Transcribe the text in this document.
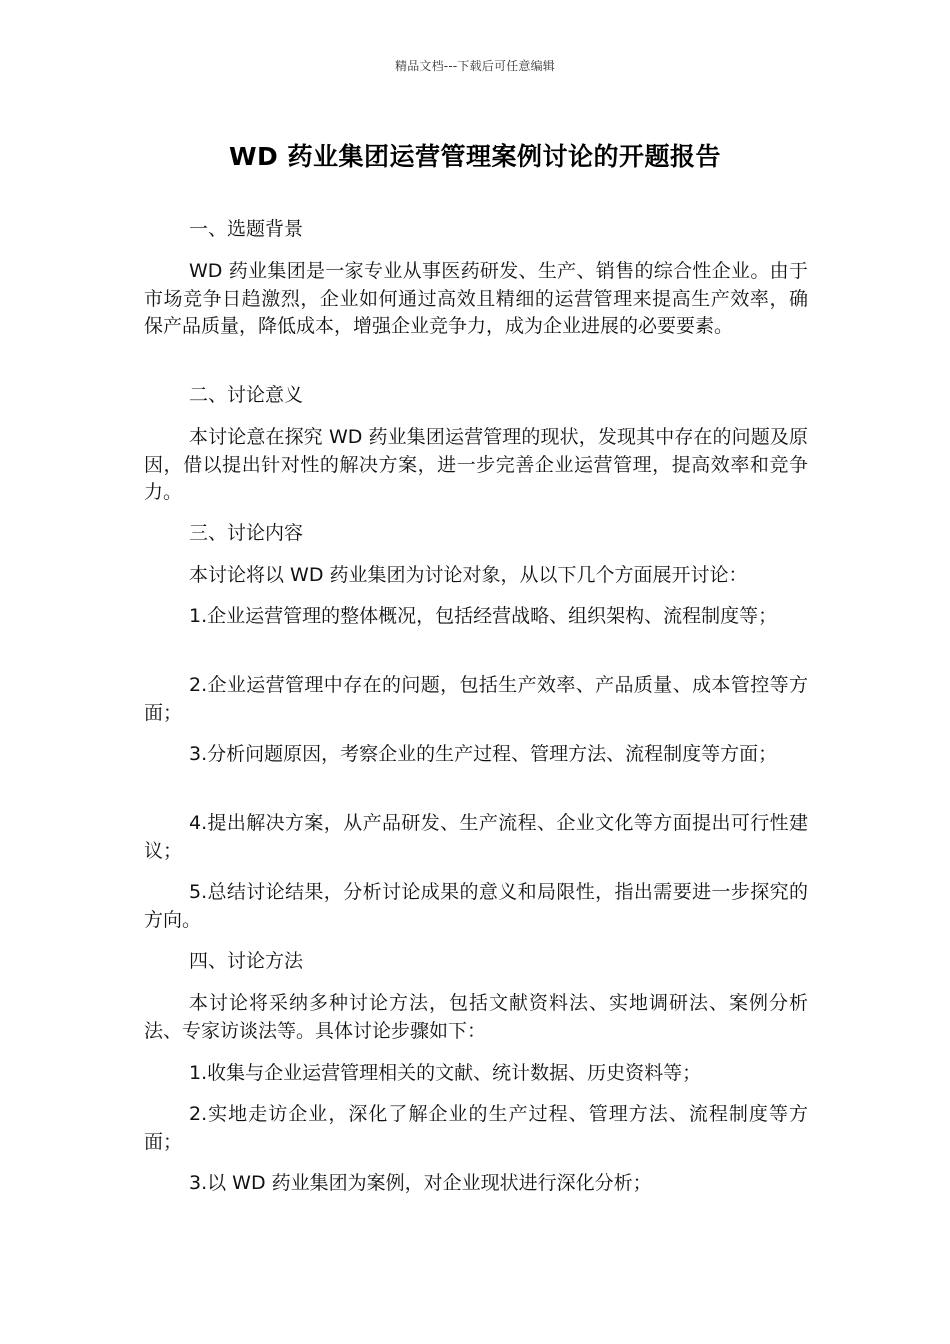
精品文档---下载后可任意编辑
WD 药业集团运营管理案例讨论的开题报告

一、选题背景

WD 药业集团是一家专业从事医药研发、生产、销售的综合性企业。由于市场竞争日趋激烈，企业如何通过高效且精细的运营管理来提高生产效率，确保产品质量，降低成本，增强企业竞争力，成为企业进展的必要要素。

二、讨论意义

本讨论意在探究 WD 药业集团运营管理的现状，发现其中存在的问题及原因，借以提出针对性的解决方案，进一步完善企业运营管理，提高效率和竞争力。

三、讨论内容

本讨论将以 WD 药业集团为讨论对象，从以下几个方面展开讨论：

1.企业运营管理的整体概况，包括经营战略、组织架构、流程制度等；

2.企业运营管理中存在的问题，包括生产效率、产品质量、成本管控等方面；

3.分析问题原因，考察企业的生产过程、管理方法、流程制度等方面；

4.提出解决方案，从产品研发、生产流程、企业文化等方面提出可行性建议；

5.总结讨论结果，分析讨论成果的意义和局限性，指出需要进一步探究的方向。

四、讨论方法

本讨论将采纳多种讨论方法，包括文献资料法、实地调研法、案例分析法、专家访谈法等。具体讨论步骤如下：

1.收集与企业运营管理相关的文献、统计数据、历史资料等；

2.实地走访企业，深化了解企业的生产过程、管理方法、流程制度等方面；

3.以 WD 药业集团为案例，对企业现状进行深化分析；
